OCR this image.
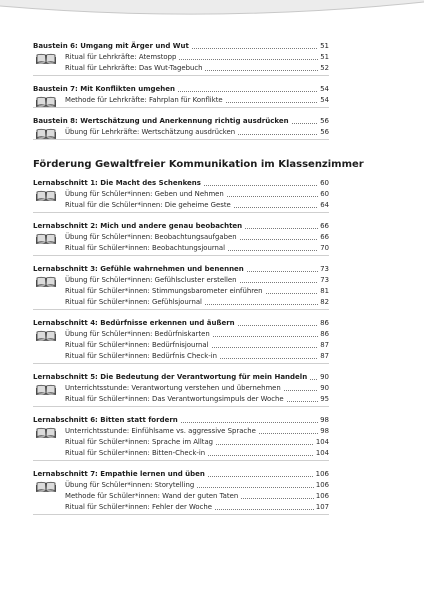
Baustein 6: Umgang mit Ärger und Wut	51
Ritual für Lehrkräfte: Atemstopp	51
Ritual für Lehrkräfte: Das Wut-Tagebuch	52
Baustein 7: Mit Konflikten umgehen	54
Methode für Lehrkräfte: Fahrplan für Konflikte	54
Baustein 8: Wertschätzung und Anerkennung richtig ausdrücken	56
Übung für Lehrkräfte: Wertschätzung ausdrücken	56
Förderung Gewaltfreier Kommunikation im Klassenzimmer
Lernabschnitt 1: Die Macht des Schenkens	60
Übung für Schüler*innen: Geben und Nehmen	60
Ritual für die Schüler*innen: Die geheime Geste	64
Lernabschnitt 2: Mich und andere genau beobachten	66
Übung für Schüler*innen: Beobachtungsaufgaben	66
Ritual für Schüler*innen: Beobachtungsjournal	70
Lernabschnitt 3: Gefühle wahrnehmen und benennen	73
Übung für Schüler*innen: Gefühlscluster erstellen	73
Ritual für Schüler*innen: Stimmungsbarometer einführen	81
Ritual für Schüler*innen: Gefühlsjournal	82
Lernabschnitt 4: Bedürfnisse erkennen und äußern	86
Übung für Schüler*innen: Bedürfniskarten	86
Ritual für Schüler*innen: Bedürfnisjournal	87
Ritual für Schüler*innen: Bedürfnis Check-in	87
Lernabschnitt 5: Die Bedeutung der Verantwortung für mein Handeln 90
Unterrichtsstunde: Verantwortung verstehen und übernehmen	90
Ritual für Schüler*innen: Das Verantwortungsimpuls der Woche	95
Lernabschnitt 6: Bitten statt fordern	98
Unterrichtsstunde: Einfühlsame vs. aggressive Sprache	98
Ritual für Schüler*innen: Sprache im Alltag	104
Ritual für Schüler*innen: Bitten-Check-in	104
Lernabschnitt 7: Empathie lernen und üben	106
Übung für Schüler*innen: Storytelling	106
Methode für Schüler*innen: Wand der guten Taten	106
Ritual für Schüler*innen: Fehler der Woche	107
